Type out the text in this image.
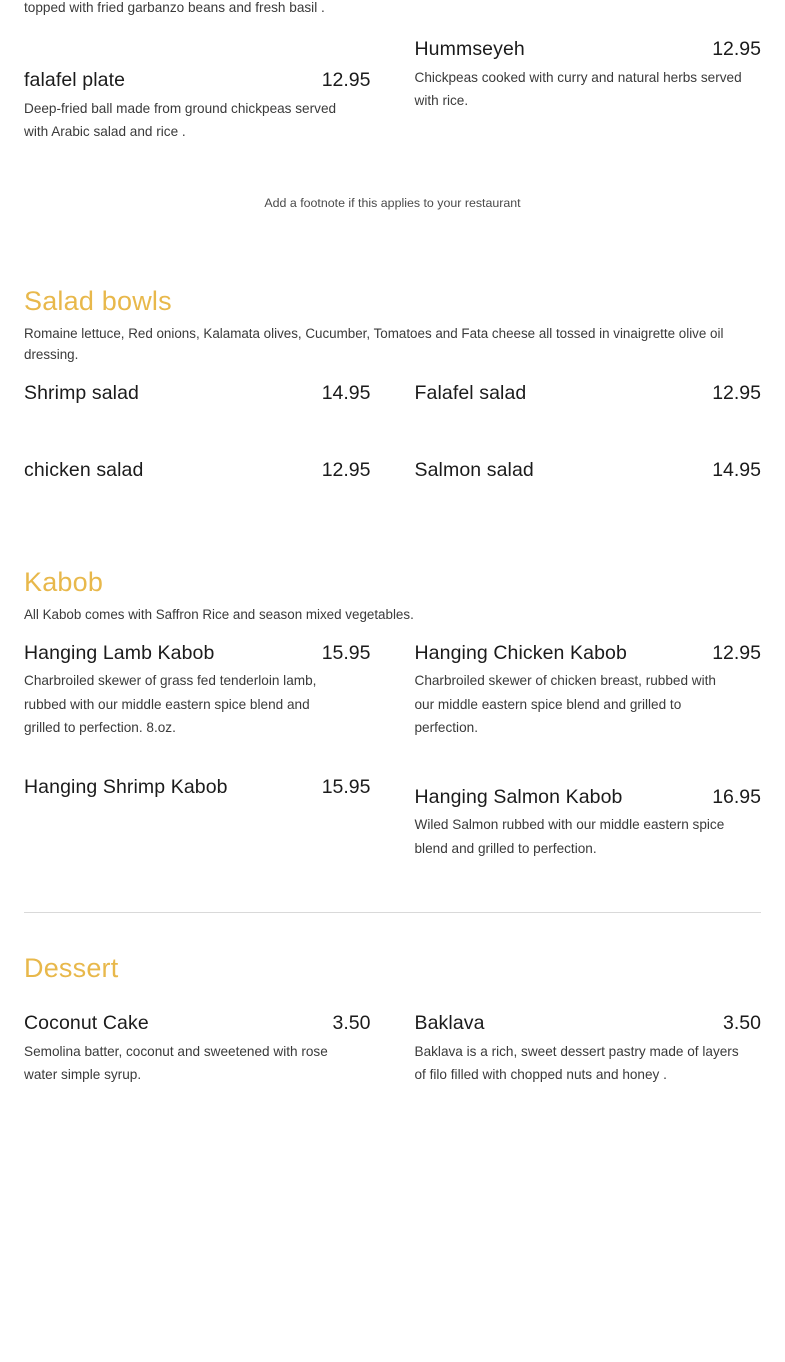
topped with fried garbanzo beans and fresh basil .
falafel plate	12.95
Deep-fried ball made from ground chickpeas served with Arabic salad and rice .
Hummseyeh	12.95
Chickpeas cooked with curry and natural herbs served with rice.
Add a footnote if this applies to your restaurant
Salad bowls

Romaine lettuce, Red onions, Kalamata olives, Cucumber, Tomatoes and Fata cheese all tossed in vinaigrette olive oil dressing.

Shrimp salad	14.95
chicken salad	12.95
Falafel salad	12.95
Salmon salad	14.95
Kabob

All Kabob comes with Saffron Rice and season mixed vegetables.

Hanging Lamb Kabob	15.95
Charbroiled skewer of grass fed tenderloin lamb, rubbed with our middle eastern spice blend and grilled to perfection. 8.oz.
Hanging Shrimp Kabob	15.95
Hanging Chicken Kabob	12.95
Charbroiled skewer of chicken breast, rubbed with our middle eastern spice blend and grilled to perfection.
Hanging Salmon Kabob	16.95
Wiled Salmon rubbed with our middle eastern spice blend and grilled to perfection.
Dessert
Coconut Cake	3.50
Semolina batter, coconut and sweetened with rose water simple syrup.
Baklava	3.50
Baklava is a rich, sweet dessert pastry made of layers of filo filled with chopped nuts and honey .
